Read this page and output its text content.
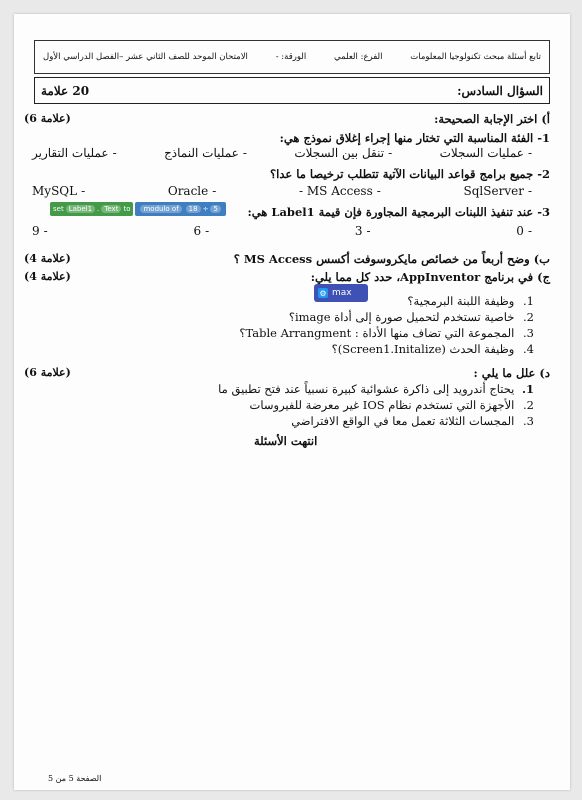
تابع أسئلة مبحث تكنولوجيا المعلومات
الفرع: العلمي
الورقة: -
الامتحان الموحد للصف الثاني عشر –الفصل الدراسي الأول
السؤال السادس:
20 علامة
أ) اختر الإجابة الصحيحة:
(6 علامة)
1- الفئة المناسبة التي تختار منها إجراء إغلاق نموذج هي:
-عمليات السجلات
-تنقل بين السجلات
-عمليات النماذج
-عمليات التقارير
2- جميع برامج قواعد البيانات الآتية تتطلب ترخيصا ما عدا؟
-SqlServer
-MS Access -
-Oracle
-MySQL
3- عند تنفيذ اللبنات البرمجية المجاورة فإن قيمة Label1 هي:
set Label1 . Text to	modulo of	18 ÷ 5
-0
-3
-6
-9
ب) وضح أربعاً من خصائص مايكروسوفت أكسس MS Access ؟
(4 علامة)
ج) في برنامج AppInventor، حدد كل مما يلي:
(4 علامة)
⚙ max
1. وظيفة اللبنة البرمجية؟
2. خاصية تستخدم لتحميل صورة إلى أداة image؟
3. المجموعة التي تضاف منها الأداة : Table Arrangment؟
4. وظيفة الحدث (Screen1.Initalize)؟
د) علل ما يلي :
(6 علامة)
1. يحتاج أندرويد إلى ذاكرة عشوائية كبيرة نسبياً عند فتح تطبيق ما
2. الأجهزة التي تستخدم نظام IOS غير معرضة للفيروسات
3. المجسات الثلاثة تعمل معا في الواقع الافتراضي
انتهت الأسئلة
الصفحة 5 من 5
